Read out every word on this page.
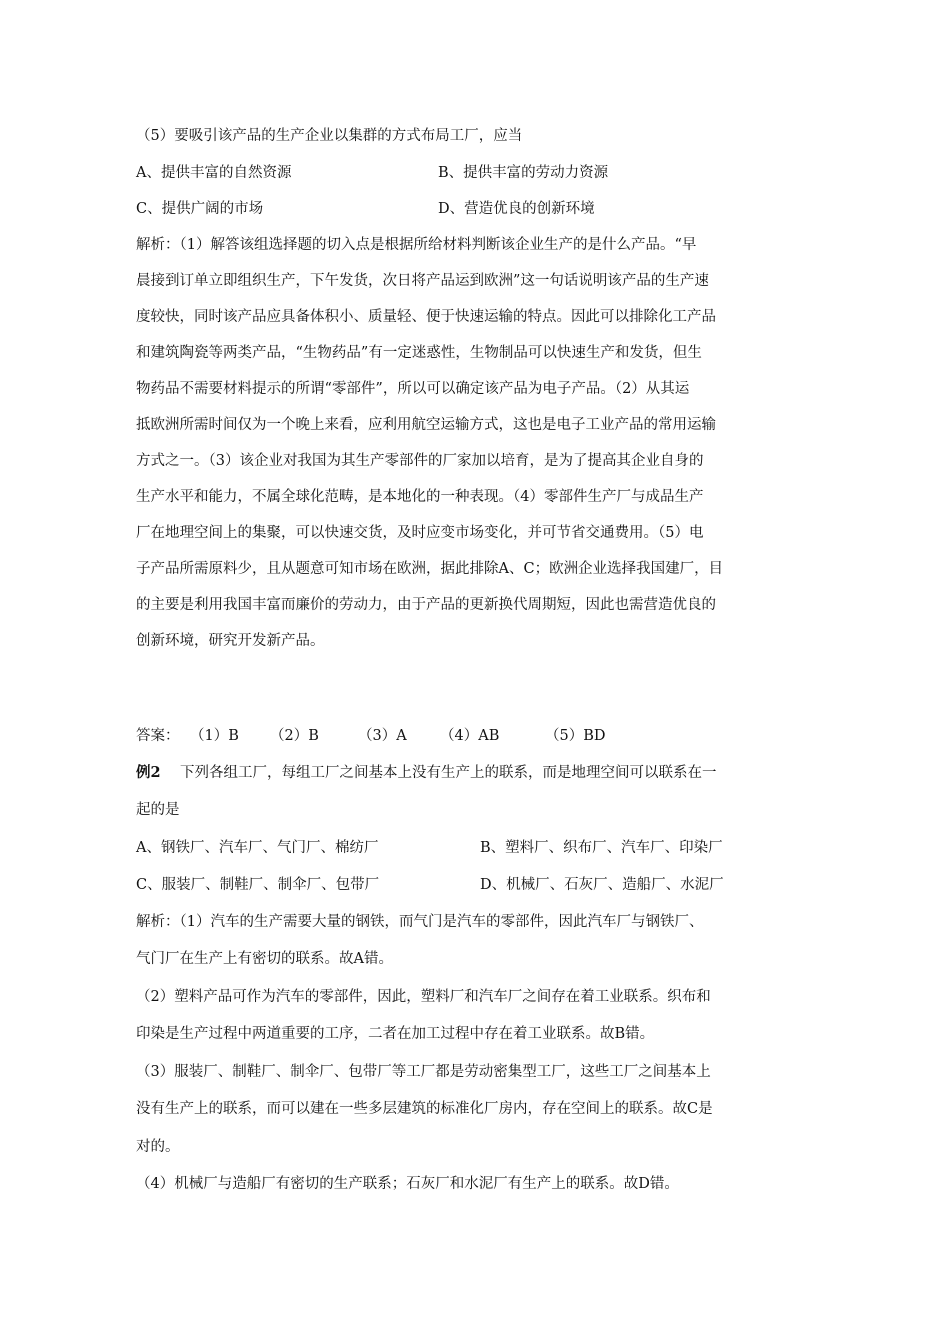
（5）要吸引该产品的生产企业以集群的方式布局工厂，应当
A、提供丰富的自然资源	B、提供丰富的劳动力资源
C、提供广阔的市场	D、营造优良的创新环境
解析：（1）解答该组选择题的切入点是根据所给材料判断该企业生产的是什么产品。“早
晨接到订单立即组织生产，下午发货，次日将产品运到欧洲”这一句话说明该产品的生产速
度较快，同时该产品应具备体积小、质量轻、便于快速运输的特点。因此可以排除化工产品
和建筑陶瓷等两类产品，“生物药品”有一定迷惑性，生物制品可以快速生产和发货，但生
物药品不需要材料提示的所谓“零部件”，所以可以确定该产品为电子产品。（2）从其运
抵欧洲所需时间仅为一个晚上来看，应利用航空运输方式，这也是电子工业产品的常用运输
方式之一。（3）该企业对我国为其生产零部件的厂家加以培育，是为了提高其企业自身的
生产水平和能力，不属全球化范畴，是本地化的一种表现。（4）零部件生产厂与成品生产
厂在地理空间上的集聚，可以快速交货，及时应变市场变化，并可节省交通费用。（5）电
子产品所需原料少，且从题意可知市场在欧洲，据此排除A、C；欧洲企业选择我国建厂，目
的主要是利用我国丰富而廉价的劳动力，由于产品的更新换代周期短，因此也需营造优良的
创新环境，研究开发新产品。
答案： （1）B （2）B	（3）A （4）AB	（5）BD
例2 下列各组工厂，每组工厂之间基本上没有生产上的联系，而是地理空间可以联系在一
起的是
A、钢铁厂、汽车厂、气门厂、棉纺厂	B、塑料厂、织布厂、汽车厂、印染厂
C、服装厂、制鞋厂、制伞厂、包带厂	D、机械厂、石灰厂、造船厂、水泥厂
解析：（1）汽车的生产需要大量的钢铁，而气门是汽车的零部件，因此汽车厂与钢铁厂、
气门厂在生产上有密切的联系。故A错。
（2）塑料产品可作为汽车的零部件，因此，塑料厂和汽车厂之间存在着工业联系。织布和
印染是生产过程中两道重要的工序，二者在加工过程中存在着工业联系。故B错。
（3）服装厂、制鞋厂、制伞厂、包带厂等工厂都是劳动密集型工厂，这些工厂之间基本上
没有生产上的联系，而可以建在一些多层建筑的标准化厂房内，存在空间上的联系。故C是
对的。
（4）机械厂与造船厂有密切的生产联系；石灰厂和水泥厂有生产上的联系。故D错。
